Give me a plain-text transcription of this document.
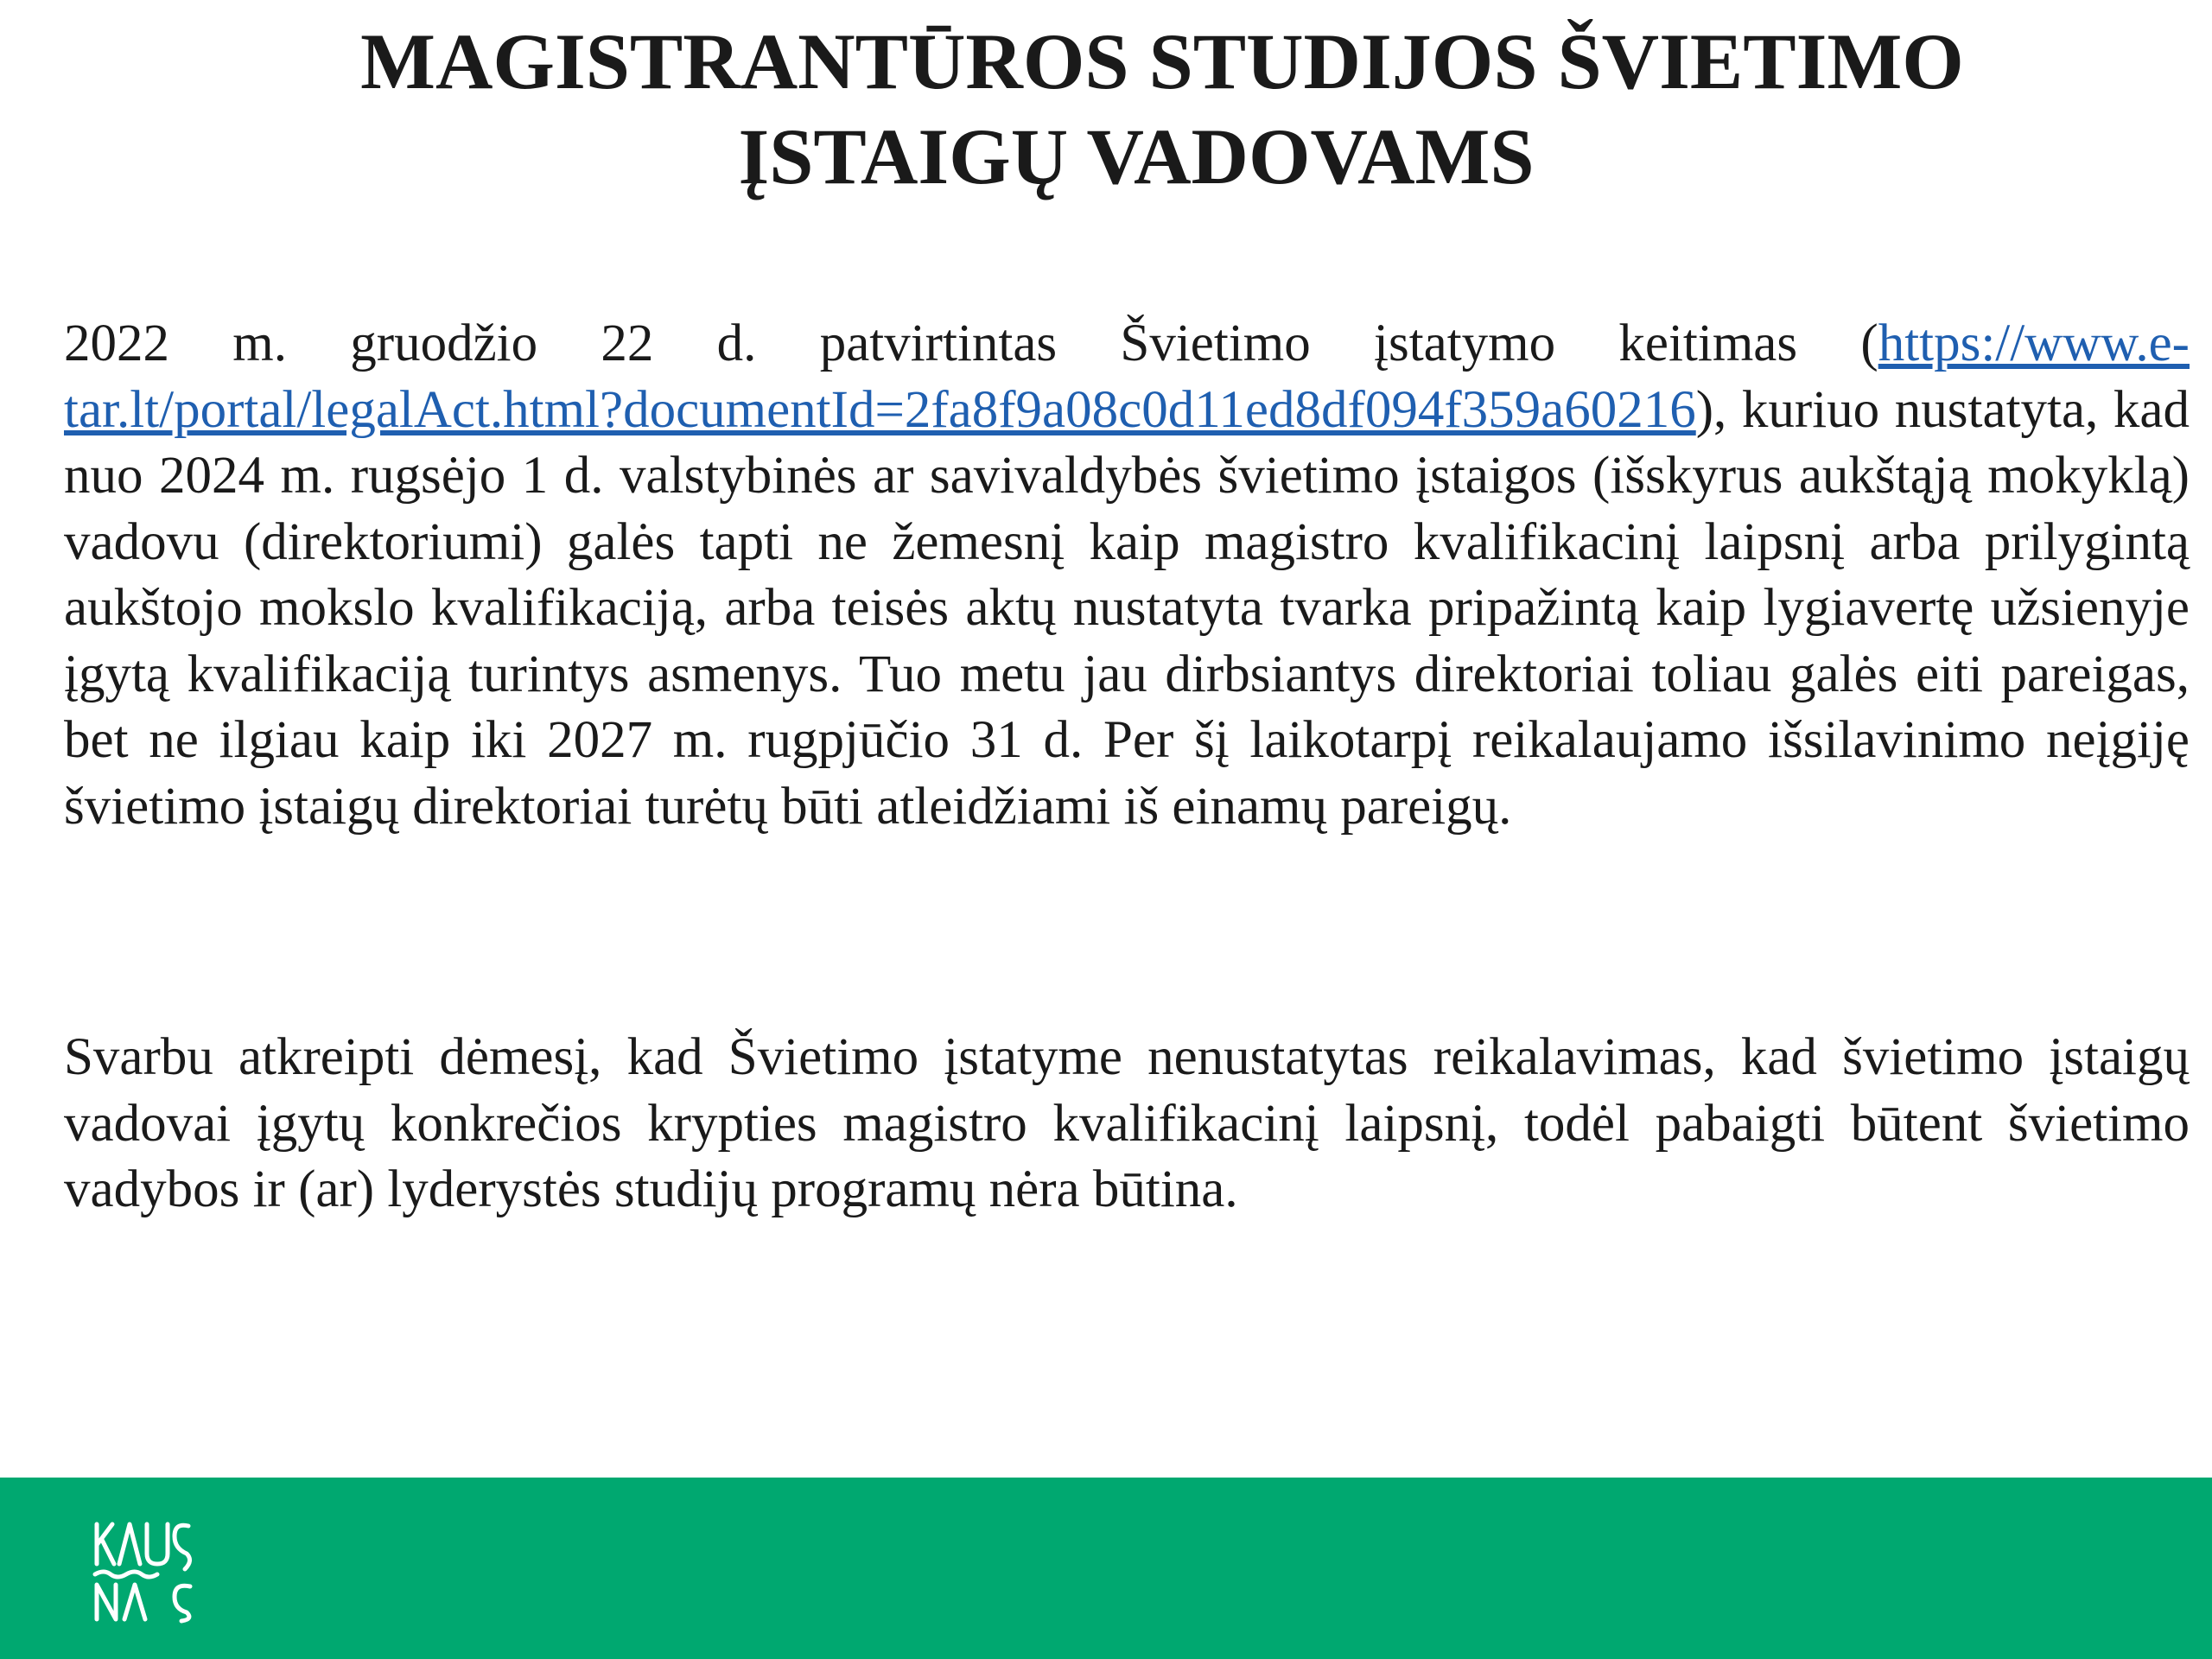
MAGISTRANTŪROS STUDIJOS ŠVIETIMO
ĮSTAIGŲ VADOVAMS

2022 m. gruodžio 22 d. patvirtintas Švietimo įstatymo keitimas (https://www.e-tar.lt/portal/legalAct.html?documentId=2fa8f9a08c0d11ed8df094f359a60216), kuriuo nustatyta, kad nuo 2024 m. rugsėjo 1 d. valstybinės ar savivaldybės švietimo įstaigos (išskyrus aukštąją mokyklą) vadovu (direktoriumi) galės tapti ne žemesnį kaip magistro kvalifikacinį laipsnį arba prilygintą aukštojo mokslo kvalifikaciją, arba teisės aktų nustatyta tvarka pripažintą kaip lygiavertę užsienyje įgytą kvalifikaciją turintys asmenys. Tuo metu jau dirbsiantys direktoriai toliau galės eiti pareigas, bet ne ilgiau kaip iki 2027 m. rugpjūčio 31 d. Per šį laikotarpį reikalaujamo išsilavinimo neįgiję švietimo įstaigų direktoriai turėtų būti atleidžiami iš einamų pareigų.

Svarbu atkreipti dėmesį, kad Švietimo įstatyme nenustatytas reikalavimas, kad švietimo įstaigų vadovai įgytų konkrečios krypties magistro kvalifikacinį laipsnį, todėl pabaigti būtent švietimo vadybos ir (ar) lyderystės studijų programų nėra būtina.
